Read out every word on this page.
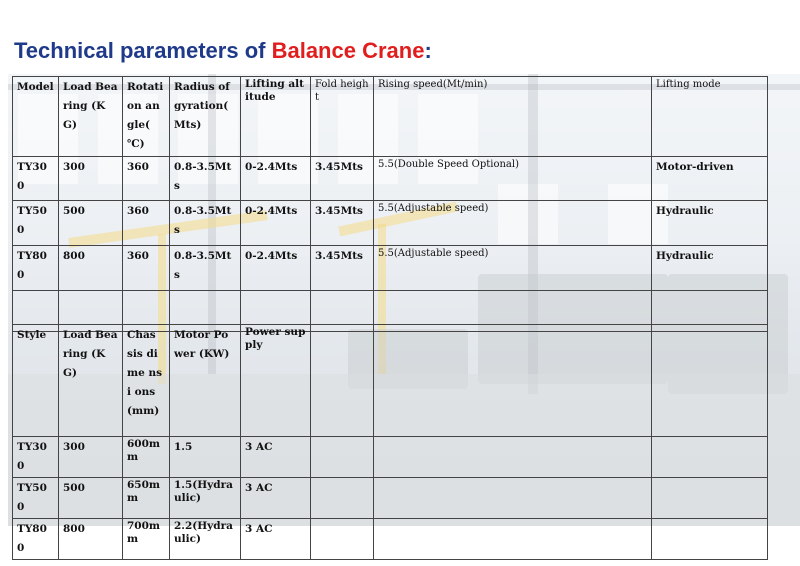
Technical parameters of Balance Crane:
Model	Load Bearing (KG)	Rotati on angle( ℃)	Radius of gyration( Mts)	Lifting altitude	Fold heigh t	Rising speed(Mt/min)	Lifting mode
TY300	300	360	0.8-3.5Mts	0-2.4Mts	3.45Mts	5.5(Double Speed Optional)	Motor-driven
TY500	500	360	0.8-3.5Mts	0-2.4Mts	3.45Mts	5.5(Adjustable speed)	Hydraulic
TY800	800	360	0.8-3.5Mts	0-2.4Mts	3.45Mts	5.5(Adjustable speed)	Hydraulic

Style	Load Bearing (KG)	Chas sis dime nsi ons (mm)	Motor Power (KW)	Power supply			
TY300	300	600m m	1.5	3 AC			
TY500	500	650m m	1.5(Hydra ulic)	3 AC			
TY800	800	700m m	2.2(Hydra ulic)	3 AC			
